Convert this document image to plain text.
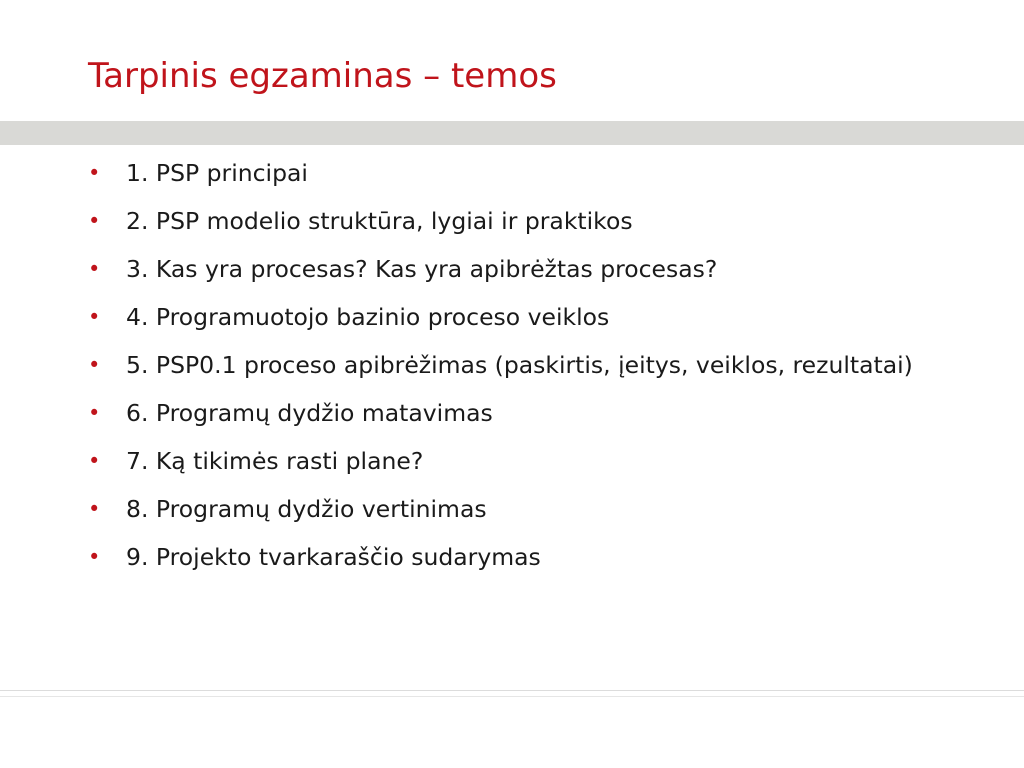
Tarpinis egzaminas – temos
• 1. PSP principai
• 2. PSP modelio struktūra, lygiai ir praktikos
• 3. Kas yra procesas? Kas yra apibrėžtas procesas?
• 4. Programuotojo bazinio proceso veiklos
• 5. PSP0.1 proceso apibrėžimas (paskirtis, įeitys, veiklos, rezultatai)
• 6. Programų dydžio matavimas
• 7. Ką tikimės rasti plane?
• 8. Programų dydžio vertinimas
• 9. Projekto tvarkaraščio sudarymas
